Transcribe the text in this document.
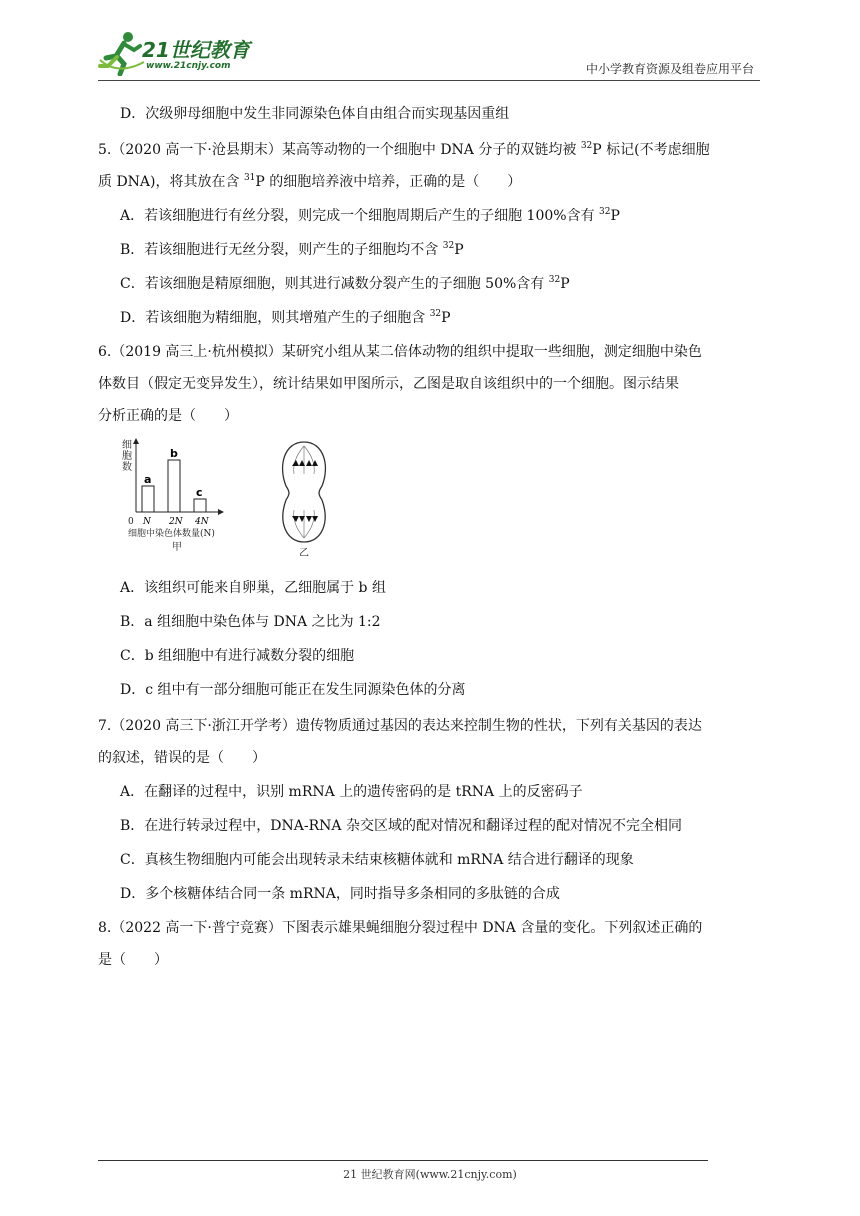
21世纪教育
www.21cnjy.com	中小学教育资源及组卷应用平台
D．次级卵母细胞中发生非同源染色体自由组合而实现基因重组
5.（2020 高一下·沧县期末）某高等动物的一个细胞中 DNA 分子的双链均被 $^{32}$P 标记(不考虑细胞
质 DNA)，将其放在含 $^{31}$P 的细胞培养液中培养，正确的是（　　）
A．若该细胞进行有丝分裂，则完成一个细胞周期后产生的子细胞 100%含有 $^{32}$P
B．若该细胞进行无丝分裂，则产生的子细胞均不含 $^{32}$P
C．若该细胞是精原细胞，则其进行减数分裂产生的子细胞 50%含有 $^{32}$P
D．若该细胞为精细胞，则其增殖产生的子细胞含 $^{32}$P
6.（2019 高三上·杭州模拟）某研究小组从某二倍体动物的组织中提取一些细胞，测定细胞中染色
体数目（假定无变异发生），统计结果如甲图所示，乙图是取自该组织中的一个细胞。图示结果
分析正确的是（　　）
细胞数
a
b
c
0 N 2N 4N
细胞中染色体数量(N)
甲
乙
A．该组织可能来自卵巢，乙细胞属于 b 组
B．a 组细胞中染色体与 DNA 之比为 1:2
C．b 组细胞中有进行减数分裂的细胞
D．c 组中有一部分细胞可能正在发生同源染色体的分离
7.（2020 高三下·浙江开学考）遗传物质通过基因的表达来控制生物的性状，下列有关基因的表达
的叙述，错误的是（　　）
A．在翻译的过程中，识别 mRNA 上的遗传密码的是 tRNA 上的反密码子
B．在进行转录过程中，DNA-RNA 杂交区域的配对情况和翻译过程的配对情况不完全相同
C．真核生物细胞内可能会出现转录未结束核糖体就和 mRNA 结合进行翻译的现象
D．多个核糖体结合同一条 mRNA，同时指导多条相同的多肽链的合成
8.（2022 高一下·普宁竞赛）下图表示雄果蝇细胞分裂过程中 DNA 含量的变化。下列叙述正确的
是（　　）
21 世纪教育网(www.21cnjy.com)
